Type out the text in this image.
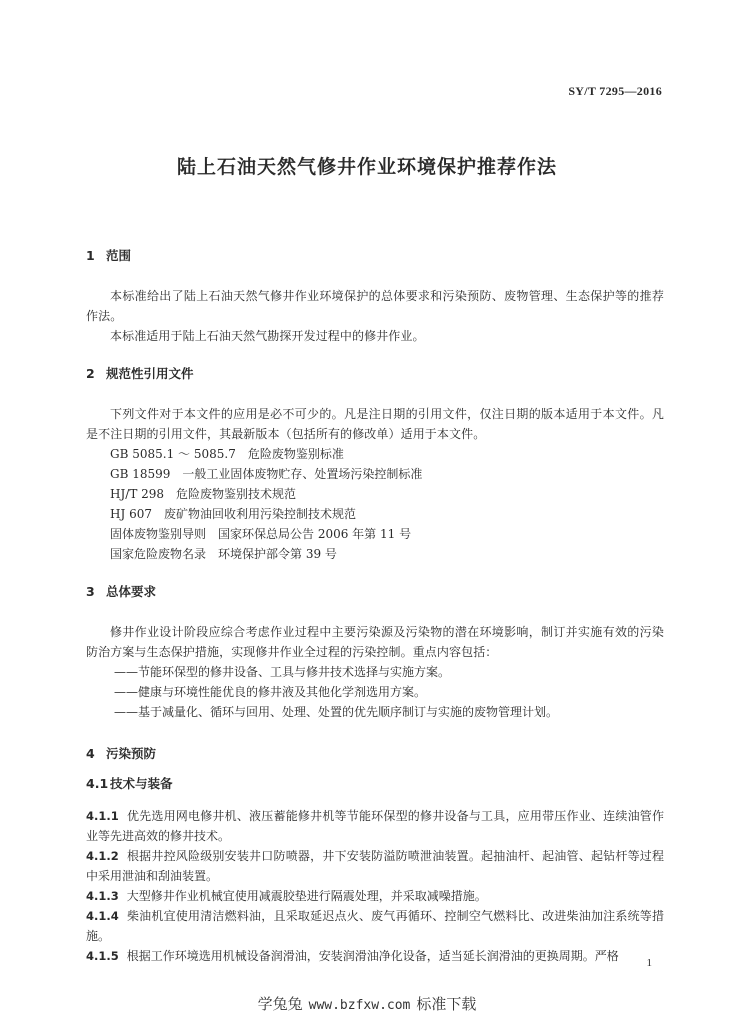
SY/T 7295—2016
陆上石油天然气修井作业环境保护推荐作法
1 范围

本标准给出了陆上石油天然气修井作业环境保护的总体要求和污染预防、废物管理、生态保护等的推荐作法。

本标准适用于陆上石油天然气勘探开发过程中的修井作业。

2 规范性引用文件

下列文件对于本文件的应用是必不可少的。凡是注日期的引用文件，仅注日期的版本适用于本文件。凡是不注日期的引用文件，其最新版本（包括所有的修改单）适用于本文件。

GB 5085.1 ～ 5085.7　危险废物鉴别标准

GB 18599　一般工业固体废物贮存、处置场污染控制标准

HJ/T 298　危险废物鉴别技术规范

HJ 607　废矿物油回收利用污染控制技术规范

固体废物鉴别导则　国家环保总局公告 2006 年第 11 号

国家危险废物名录　环境保护部令第 39 号

3 总体要求

修井作业设计阶段应综合考虑作业过程中主要污染源及污染物的潜在环境影响，制订并实施有效的污染防治方案与生态保护措施，实现修井作业全过程的污染控制。重点内容包括：

——节能环保型的修井设备、工具与修井技术选择与实施方案。

——健康与环境性能优良的修井液及其他化学剂选用方案。

——基于减量化、循环与回用、处理、处置的优先顺序制订与实施的废物管理计划。

4 污染预防
4.1 技术与装备

4.1.1 优先选用网电修井机、液压蓄能修井机等节能环保型的修井设备与工具，应用带压作业、连续油管作业等先进高效的修井技术。

4.1.2 根据井控风险级别安装井口防喷器，井下安装防溢防喷泄油装置。起抽油杆、起油管、起钻杆等过程中采用泄油和刮油装置。

4.1.3 大型修井作业机械宜使用减震胶垫进行隔震处理，并采取减噪措施。

4.1.4 柴油机宜使用清洁燃料油，且采取延迟点火、废气再循环、控制空气燃料比、改进柴油加注系统等措施。

4.1.5 根据工作环境选用机械设备润滑油，安装润滑油净化设备，适当延长润滑油的更换周期。严格	1
学兔兔 www.bzfxw.com 标准下载
